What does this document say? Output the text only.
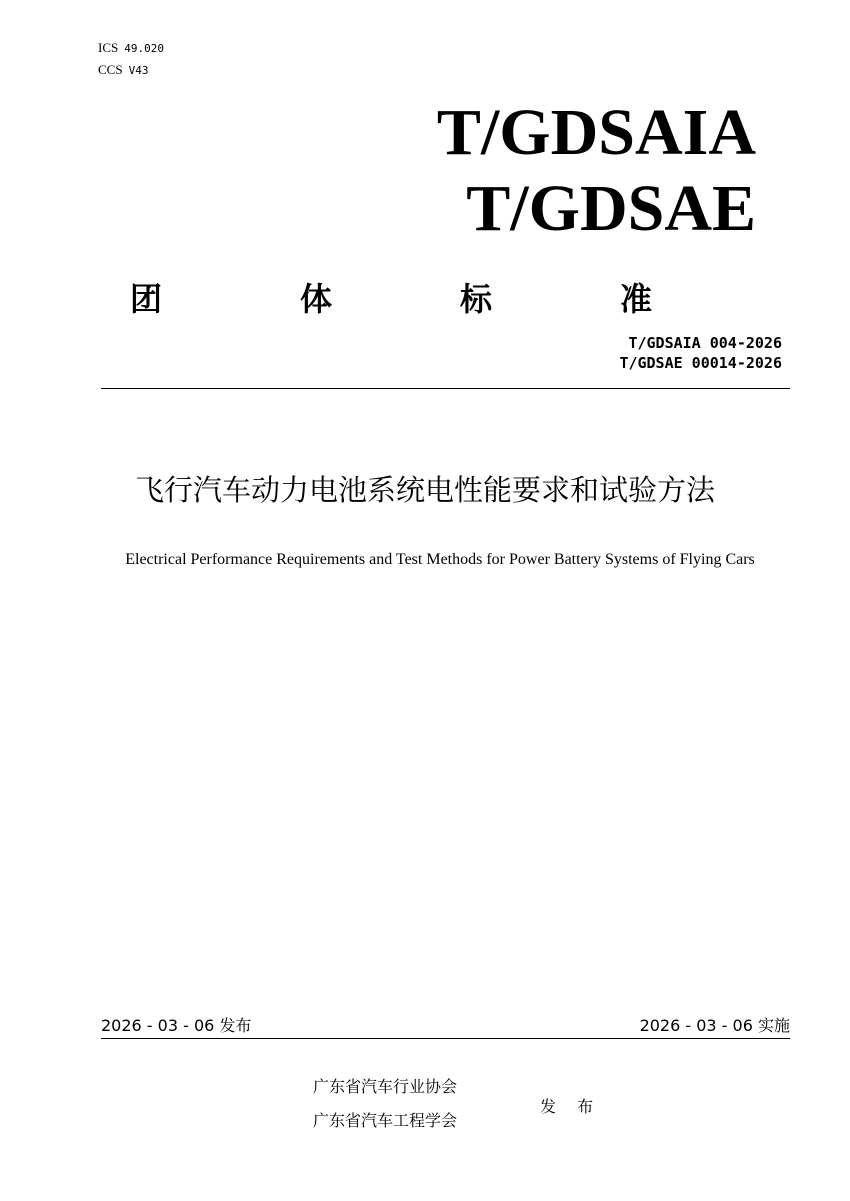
ICS 49.020
CCS V43
T/GDSAIA
T/GDSAE
团	体	标	准
T/GDSAIA 004-2026
T/GDSAE 00014-2026
飞行汽车动力电池系统电性能要求和试验方法
Electrical Performance Requirements and Test Methods for Power Battery Systems of Flying Cars
2026 - 03 - 06 发布	2026 - 03 - 06 实施
广东省汽车行业协会
广东省汽车工程学会
发 布
